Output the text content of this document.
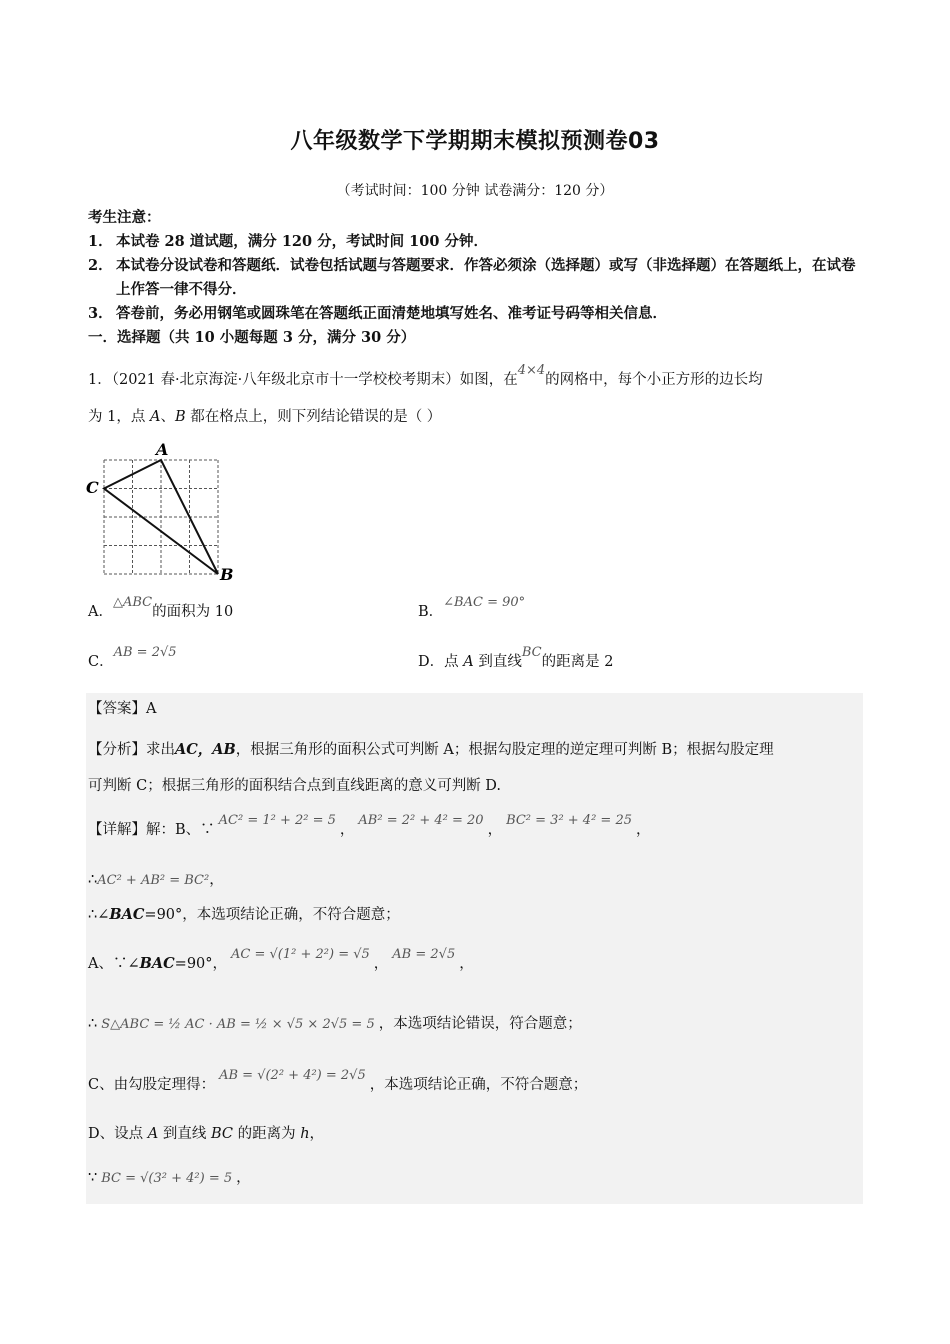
八年级数学下学期期末模拟预测卷03
（考试时间：100 分钟 试卷满分：120 分）
考生注意：
1． 本试卷 28 道试题，满分 120 分，考试时间 100 分钟．
2． 本试卷分设试卷和答题纸．试卷包括试题与答题要求．作答必须涂（选择题）或写（非选择题）在答题纸上，在试卷上作答一律不得分．
3． 答卷前，务必用钢笔或圆珠笔在答题纸正面清楚地填写姓名、准考证号码等相关信息．
一．选择题（共 10 小题每题 3 分，满分 30 分）
1．（2021 春·北京海淀·八年级北京市十一学校校考期末）如图，在4×4的网格中，每个小正方形的边长均
为 1，点 A、B 都在格点上，则下列结论错误的是（ ）
A
C
B
A．△ABC的面积为 10	B．∠BAC = 90°
C．AB = 2√5
D．点 A 到直线BC的距离是 2
【答案】A
【分析】求出AC，AB，根据三角形的面积公式可判断 A；根据勾股定理的逆定理可判断 B；根据勾股定理
可判断 C；根据三角形的面积结合点到直线距离的意义可判断 D.
【详解】解：B、∵AC² = 1² + 2² = 5，AB² = 2² + 4² = 20，BC² = 3² + 4² = 25，
∴AC² + AB² = BC²，
∴∠BAC=90°，本选项结论正确，不符合题意；
A、∵∠BAC=90°，AC = √(1² + 2²) = √5，AB = 2√5，
∴ S△ABC = ½ AC · AB = ½ × √5 × 2√5 = 5 ，本选项结论错误，符合题意；
C、由勾股定理得：AB = √(2² + 4²) = 2√5，本选项结论正确，不符合题意；
D、设点 A 到直线 BC 的距离为 h，
∵ BC = √(3² + 4²) = 5 ，
